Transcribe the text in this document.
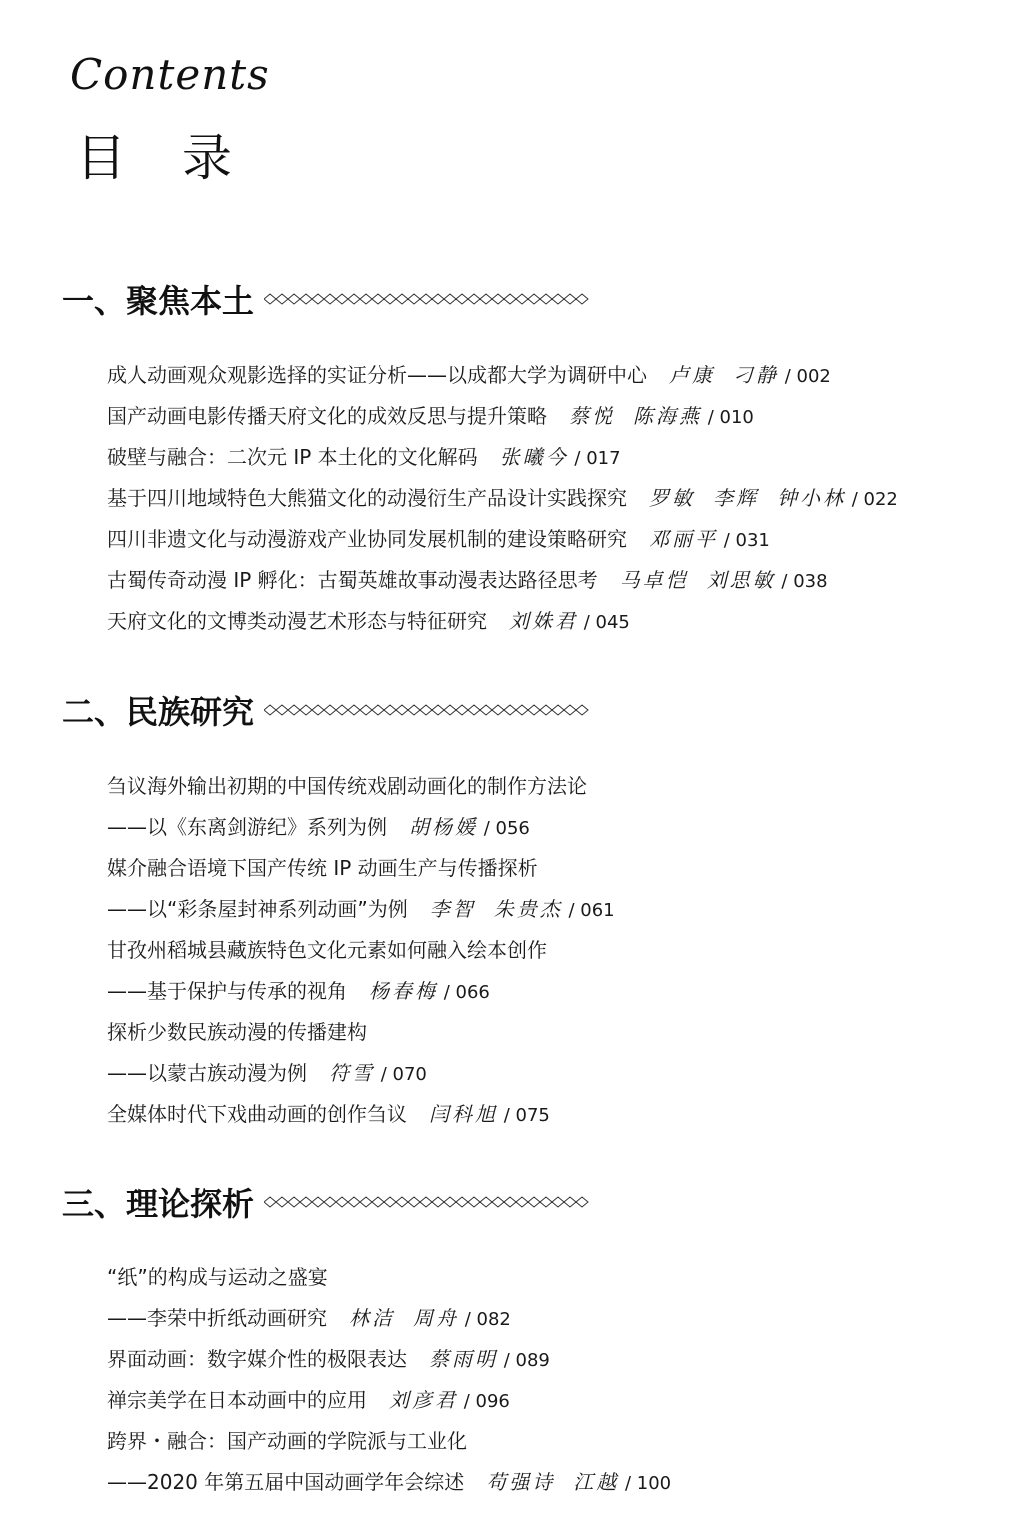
Contents
目录
一、聚焦本土
成人动画观众观影选择的实证分析——以成都大学为调研中心 卢康 刁静 / 002
国产动画电影传播天府文化的成效反思与提升策略 蔡悦 陈海燕 / 010
破壁与融合：二次元 IP 本土化的文化解码 张曦今 / 017
基于四川地域特色大熊猫文化的动漫衍生产品设计实践探究 罗敏 李辉 钟小林 / 022
四川非遗文化与动漫游戏产业协同发展机制的建设策略研究 邓丽平 / 031
古蜀传奇动漫 IP 孵化：古蜀英雄故事动漫表达路径思考 马卓恺 刘思敏 / 038
天府文化的文博类动漫艺术形态与特征研究 刘姝君 / 045
二、民族研究
刍议海外输出初期的中国传统戏剧动画化的制作方法论
——以《东离剑游纪》系列为例 胡杨媛 / 056
媒介融合语境下国产传统 IP 动画生产与传播探析
——以“彩条屋封神系列动画”为例 李智 朱贵杰 / 061
甘孜州稻城县藏族特色文化元素如何融入绘本创作
——基于保护与传承的视角 杨春梅 / 066
探析少数民族动漫的传播建构
——以蒙古族动漫为例 符雪 / 070
全媒体时代下戏曲动画的创作刍议 闫科旭 / 075
三、理论探析
“纸”的构成与运动之盛宴
——李荣中折纸动画研究 林洁 周舟 / 082
界面动画：数字媒介性的极限表达 蔡雨明 / 089
禅宗美学在日本动画中的应用 刘彦君 / 096
跨界・融合：国产动画的学院派与工业化
——2020 年第五届中国动画学年会综述 苟强诗 江越 / 100
